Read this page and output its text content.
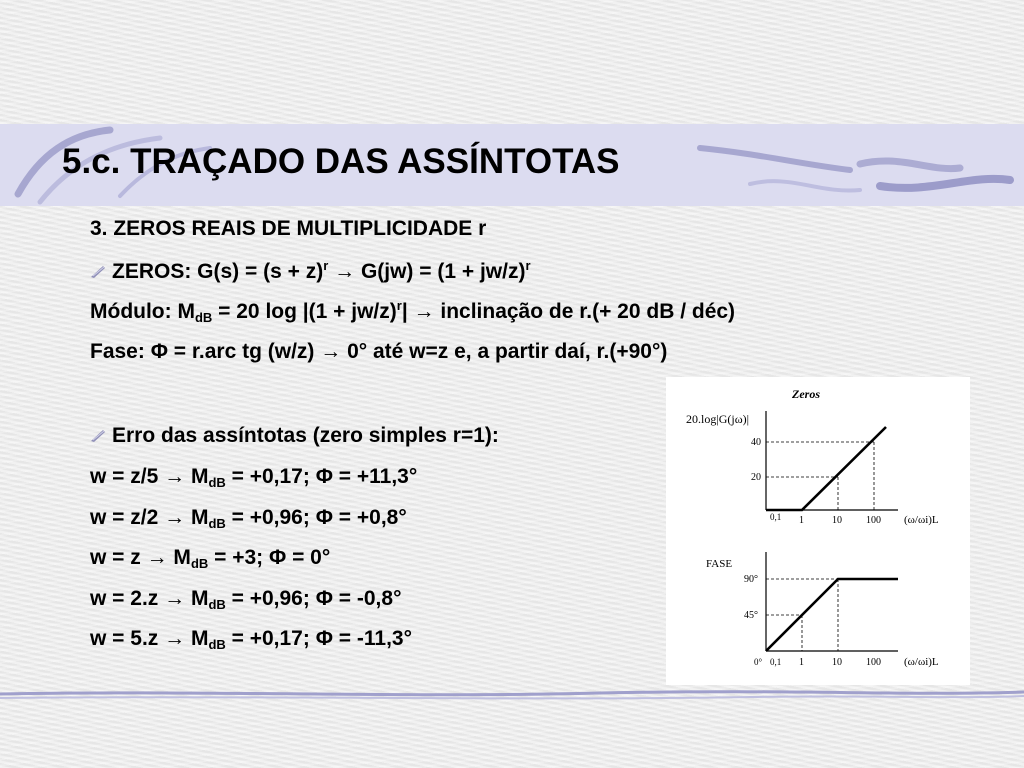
5.c. TRAÇADO DAS ASSÍNTOTAS
3. ZEROS REAIS DE MULTIPLICIDADE r
ZEROS: $G(s) = (s + z)^r \to G(jw) = (1 + jw/z)^r$
Módulo: $M_{dB} = 20$ $\log |(1 + jw/z)^r|$ → inclinação de r.(+ 20 dB / déc)
Fase: Φ = r.arc tg (w/z) → 0° até w=z e, a partir daí, r.(+90°)
Erro das assíntotas (zero simples r=1):
$w = z/5 \to M_{dB} = +0,17$; Φ = +11,3°
$w = z/2 \to M_{dB} = +0,96$; Φ = +0,8°
$w = z \to M_{dB} = +3$; Φ = 0°
$w = 2.z \to M_{dB} = +0,96$; Φ = -0,8°
$w = 5.z \to M_{dB} = +0,17$; Φ = -11,3°
Zeros
20.log|G(jω)|
40
20
0,1 1	10 100 (ω/ωi)L
FASE
90°
45°
0° 0,1 1	10 100 (ω/ωi)L
